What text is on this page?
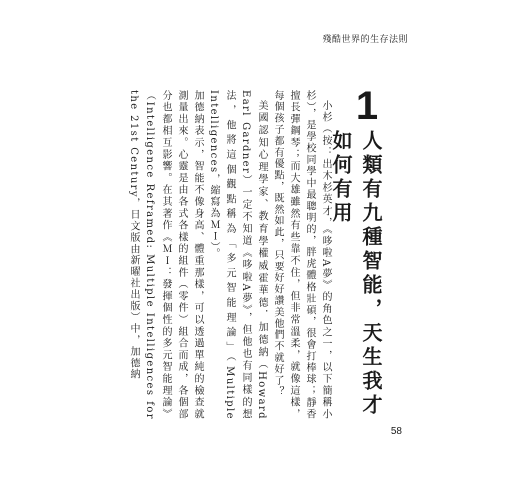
殘酷世界的生存法則
1
人類有九種智能，天生我才如何有用

小杉（按：出木杉英才，《哆啦A夢》的角色之一，以下簡稱小杉），是學校同學中最聰明的，胖虎體格壯碩，很會打棒球；靜香擅長彈鋼琴；而大雄雖然有些靠不住，但非常溫柔，就像這樣，每個孩子都有優點，既然如此，只要好好讚美他們不就好了？

美國認知心理學家、教育學權威霍華德．加德納（Howard Earl Gardner）一定不知道《哆啦A夢》，但他也有同樣的想法，他將這個觀點稱為「多元智能理論」（Multiple Intelligences，縮寫為ＭＩ）。

加德納表示，智能不像身高、體重那樣，可以透過單純的檢查就測量出來。心靈是由各式各樣的組件（零件）組合而成，各個部分也都相互影響。在其著作《ＭＩ：發揮個性的多元智能理論》（Intelligence Reframed: Multiple Intelligences for the 21st Century，日文版由新曜社出版）中，加德納

58
